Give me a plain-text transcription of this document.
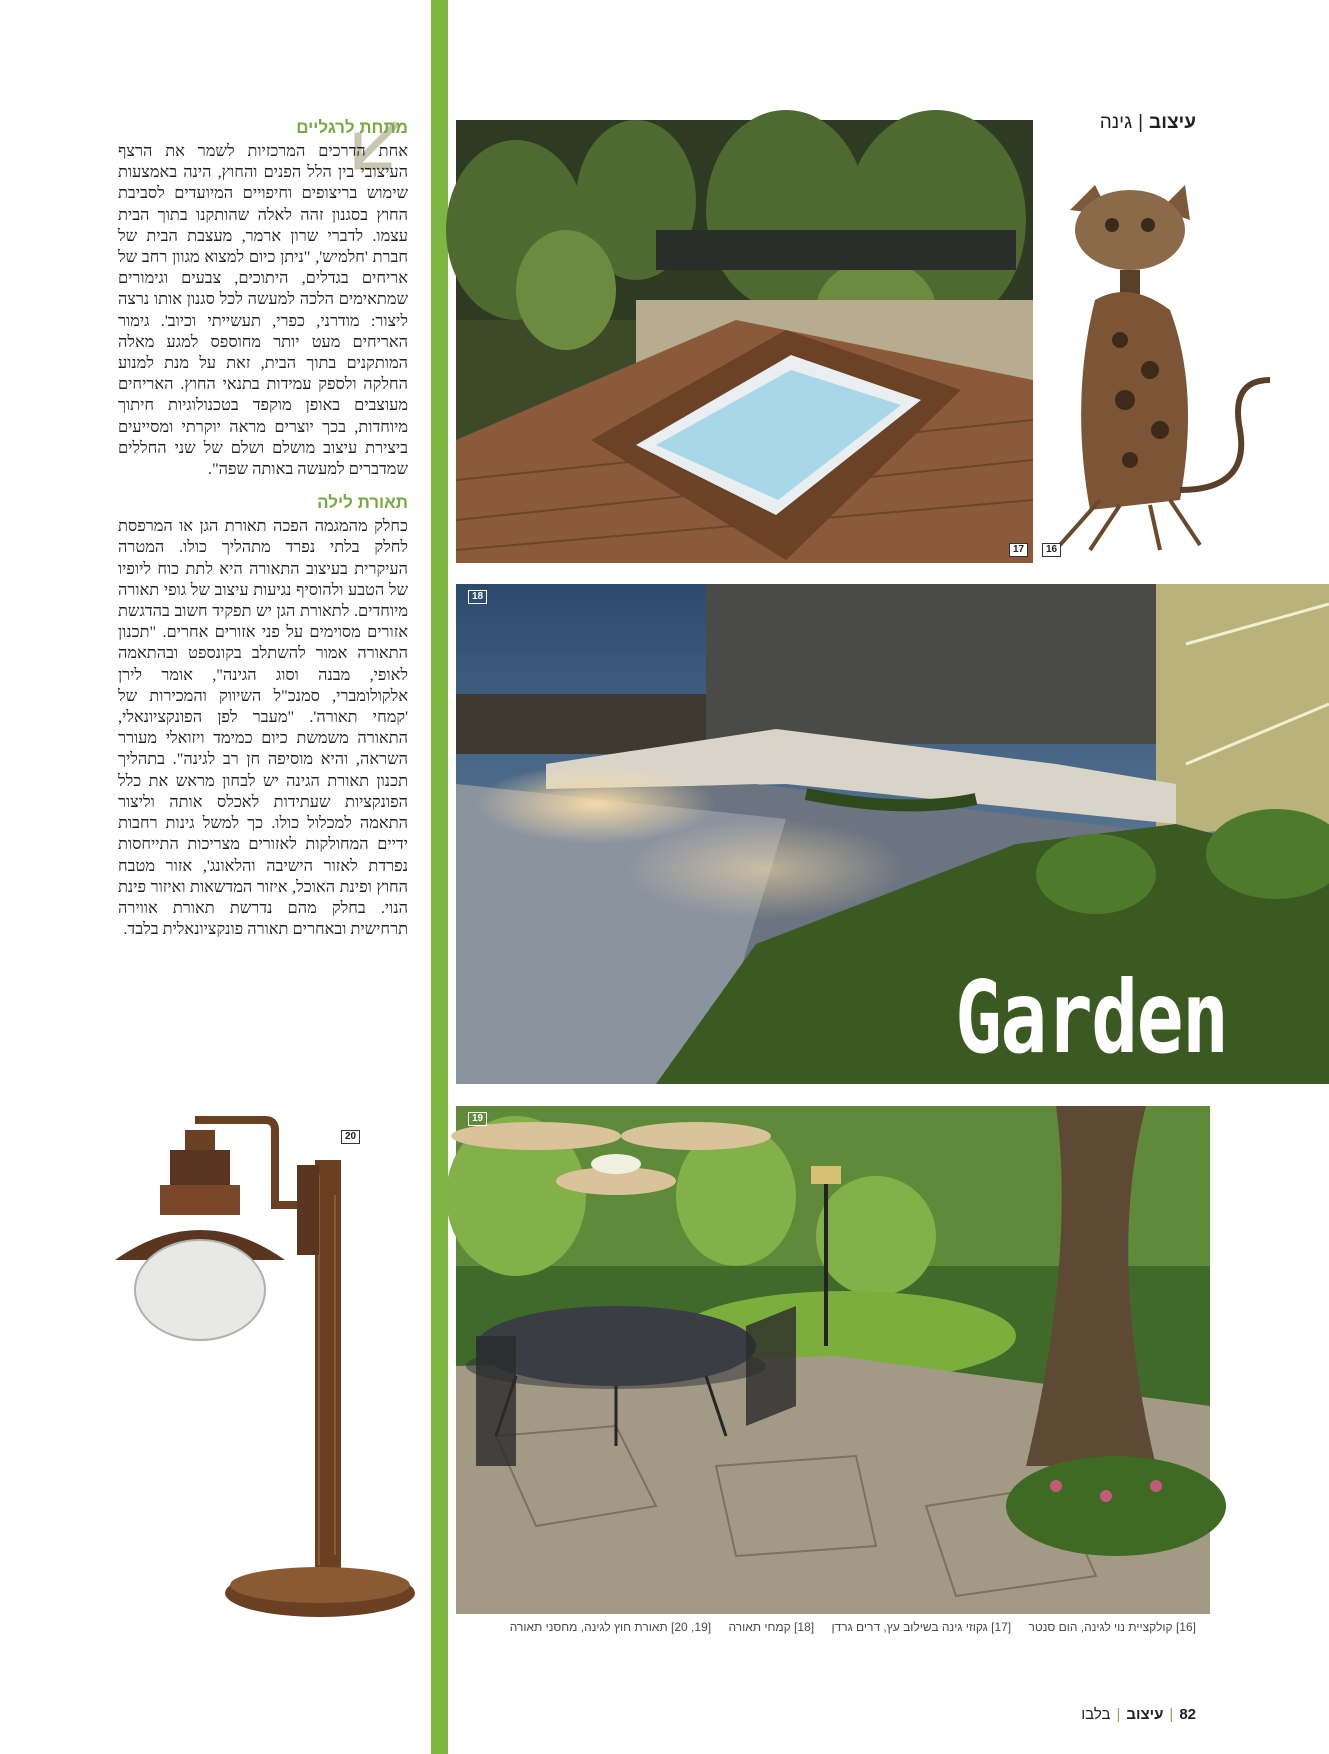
מתחת לרגליים

אחת הדרכים המרכזיות לשמר את הרצף העיצובי בין הלל הפנים והחוץ, הינה באמצעות שימוש בריצופים וחיפויים המיועדים לסביבת החוץ בסגנון זהה לאלה שהותקנו בתוך הבית עצמו. לדברי שרון ארמר, מעצבת הבית של חברת 'חלמיש', "ניתן כיום למצוא מגוון רחב של אריחים בגדלים, היתוכים, צבעים וגימורים שמתאימים הלכה למעשה לכל סגנון אותו נרצה ליצור: מודרני, כפרי, תעשייתי וכיוב'. גימור האריחים מעט יותר מחוספס למגע מאלה המותקנים בתוך הבית, זאת על מנת למנוע החלקה ולספק עמידות בתנאי החוץ. האריחים מעוצבים באופן מוקפד בטכנולוגיות חיתוך מיוחדות, בכך יוצרים מראה יוקרתי ומסייעים ביצירת עיצוב מושלם ושלם של שני החללים שמדברים למעשה באותה שפה".

תאורת לילה

כחלק מהמגמה הפכה תאורת הגן או המרפסת לחלק בלתי נפרד מתהליך כולו. המטרה העיקרית בעיצוב התאורה היא לתת כוח ליופיו של הטבע ולהוסיף נגיעות עיצוב של גופי תאורה מיוחדים. לתאורת הגן יש תפקיד חשוב בהדגשת אזורים מסוימים על פני אזורים אחרים. "תכנון התאורה אמור להשתלב בקונספט ובהתאמה לאופי, מבנה וסוג הגינה", אומר לירן אלקולומברי, סמנכ"ל השיווק והמכירות של 'קמחי תאורה'. "מעבר לפן הפונקציונאלי, התאורה משמשת כיום כמימד ויזואלי מעורר השראה, והיא מוסיפה חן רב לגינה". בתהליך תכנון תאורת הגינה יש לבחון מראש את כלל הפונקציות שעתידות לאכלס אותה וליצור התאמה למכלול כולו. כך למשל גינות רחבות ידיים המחולקות לאזורים מצריכות התייחסות נפרדת לאזור הישיבה והלאונג', אזור מטבח החוץ ופינת האוכל, איזור המדשאות ואיזור פינת הנוי. בחלק מהם נדרשת תאורת אווירה תרחישית ובאחרים תאורה פונקציונאלית בלבד.

עיצוב|גינה
17	16
18
Garden
19
20
[16] קולקציית נוי לגינה, הום סנטר [17] גקוזי גינה בשילוב עץ, דרים גרדן [18] קמחי תאורה [19, 20] תאורת חוץ לגינה, מחסני תאורה
82|עיצוב|בלבו
